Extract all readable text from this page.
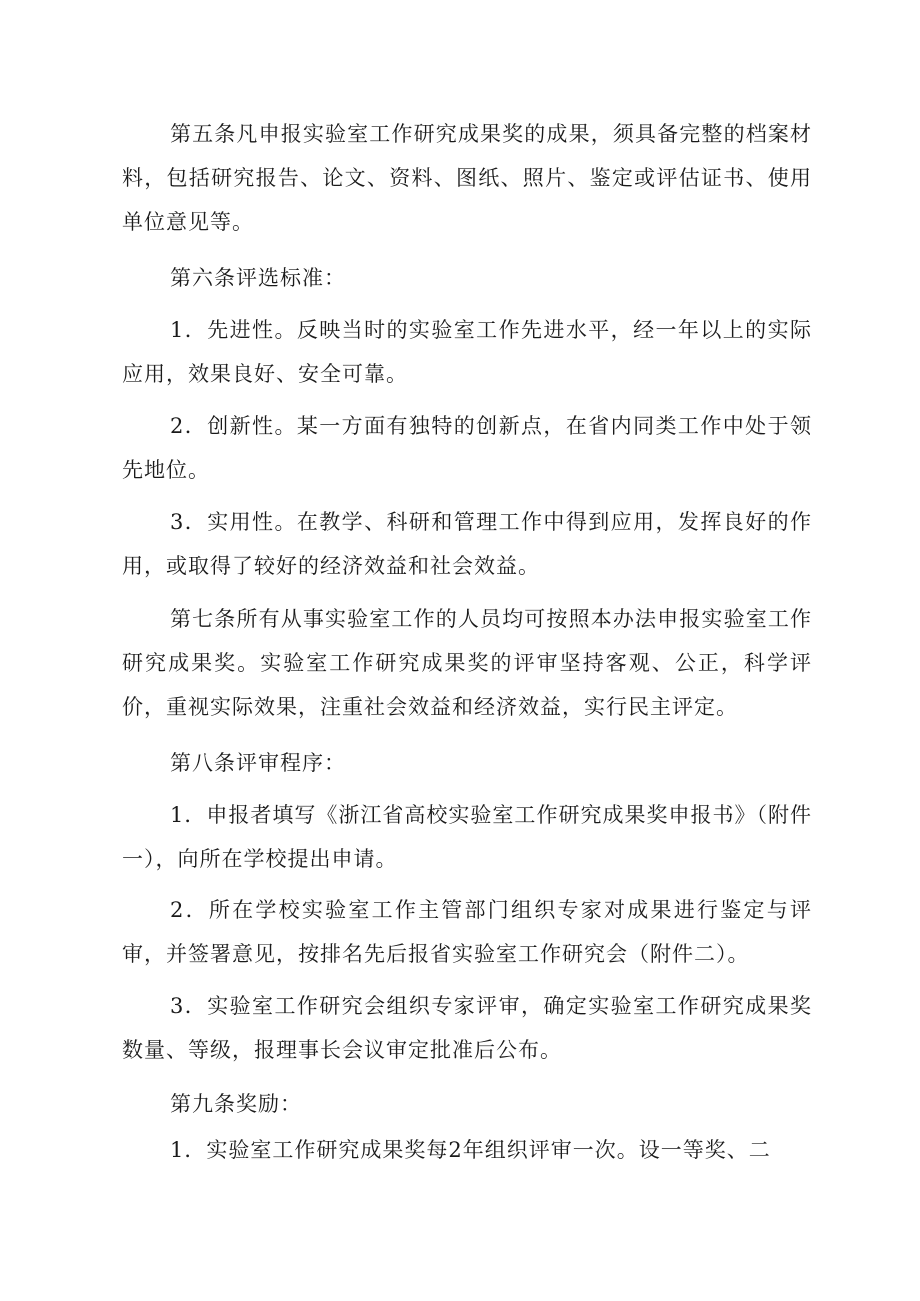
第五条凡申报实验室工作研究成果奖的成果，须具备完整的档案材料，包括研究报告、论文、资料、图纸、照片、鉴定或评估证书、使用单位意见等。

第六条评选标准：

1．先进性。反映当时的实验室工作先进水平，经一年以上的实际应用，效果良好、安全可靠。

2．创新性。某一方面有独特的创新点，在省内同类工作中处于领先地位。

3．实用性。在教学、科研和管理工作中得到应用，发挥良好的作用，或取得了较好的经济效益和社会效益。

第七条所有从事实验室工作的人员均可按照本办法申报实验室工作研究成果奖。实验室工作研究成果奖的评审坚持客观、公正，科学评价，重视实际效果，注重社会效益和经济效益，实行民主评定。

第八条评审程序：

1．申报者填写《浙江省高校实验室工作研究成果奖申报书》（附件一），向所在学校提出申请。

2．所在学校实验室工作主管部门组织专家对成果进行鉴定与评审，并签署意见，按排名先后报省实验室工作研究会（附件二）。

3．实验室工作研究会组织专家评审，确定实验室工作研究成果奖数量、等级，报理事长会议审定批准后公布。

第九条奖励：

1．实验室工作研究成果奖每2年组织评审一次。设一等奖、二
